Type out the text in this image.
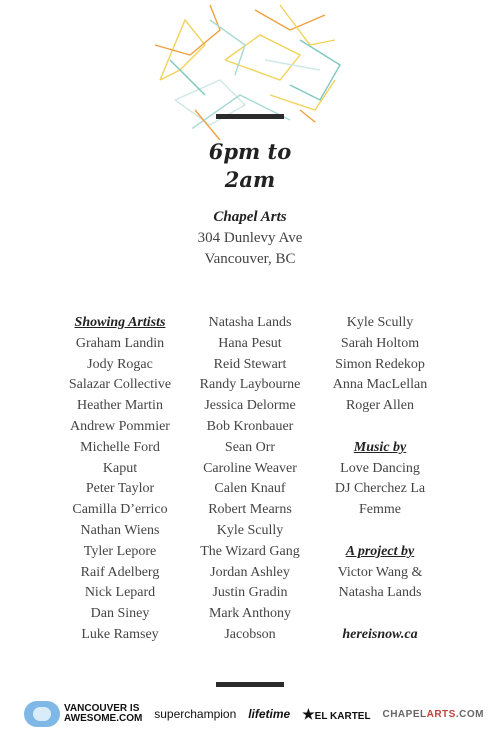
6pm to
2am
Chapel Arts
304 Dunlevy Ave
Vancouver, BC
Showing Artists
Graham Landin
Jody Rogac
Salazar Collective
Heather Martin
Andrew Pommier
Michelle Ford
Kaput
Peter Taylor
Camilla D’errico
Nathan Wiens
Tyler Lepore
Raif Adelberg
Nick Lepard
Dan Siney
Luke Ramsey
Natasha Lands
Hana Pesut
Reid Stewart
Randy Laybourne
Jessica Delorme
Bob Kronbauer
Sean Orr
Caroline Weaver
Calen Knauf
Robert Mearns
Kyle Scully
The Wizard Gang
Jordan Ashley
Justin Gradin
Mark Anthony
Jacobson
Kyle Scully
Sarah Holtom
Simon Redekop
Anna MacLellan
Roger Allen
Music by
Love Dancing
DJ Cherchez La
Femme
A project by
Victor Wang &
Natasha Lands
hereisnow.ca
VANCOUVER IS
AWESOME.COM superchampion lifetime ★EL KARTEL CHAPELARTS.COM
